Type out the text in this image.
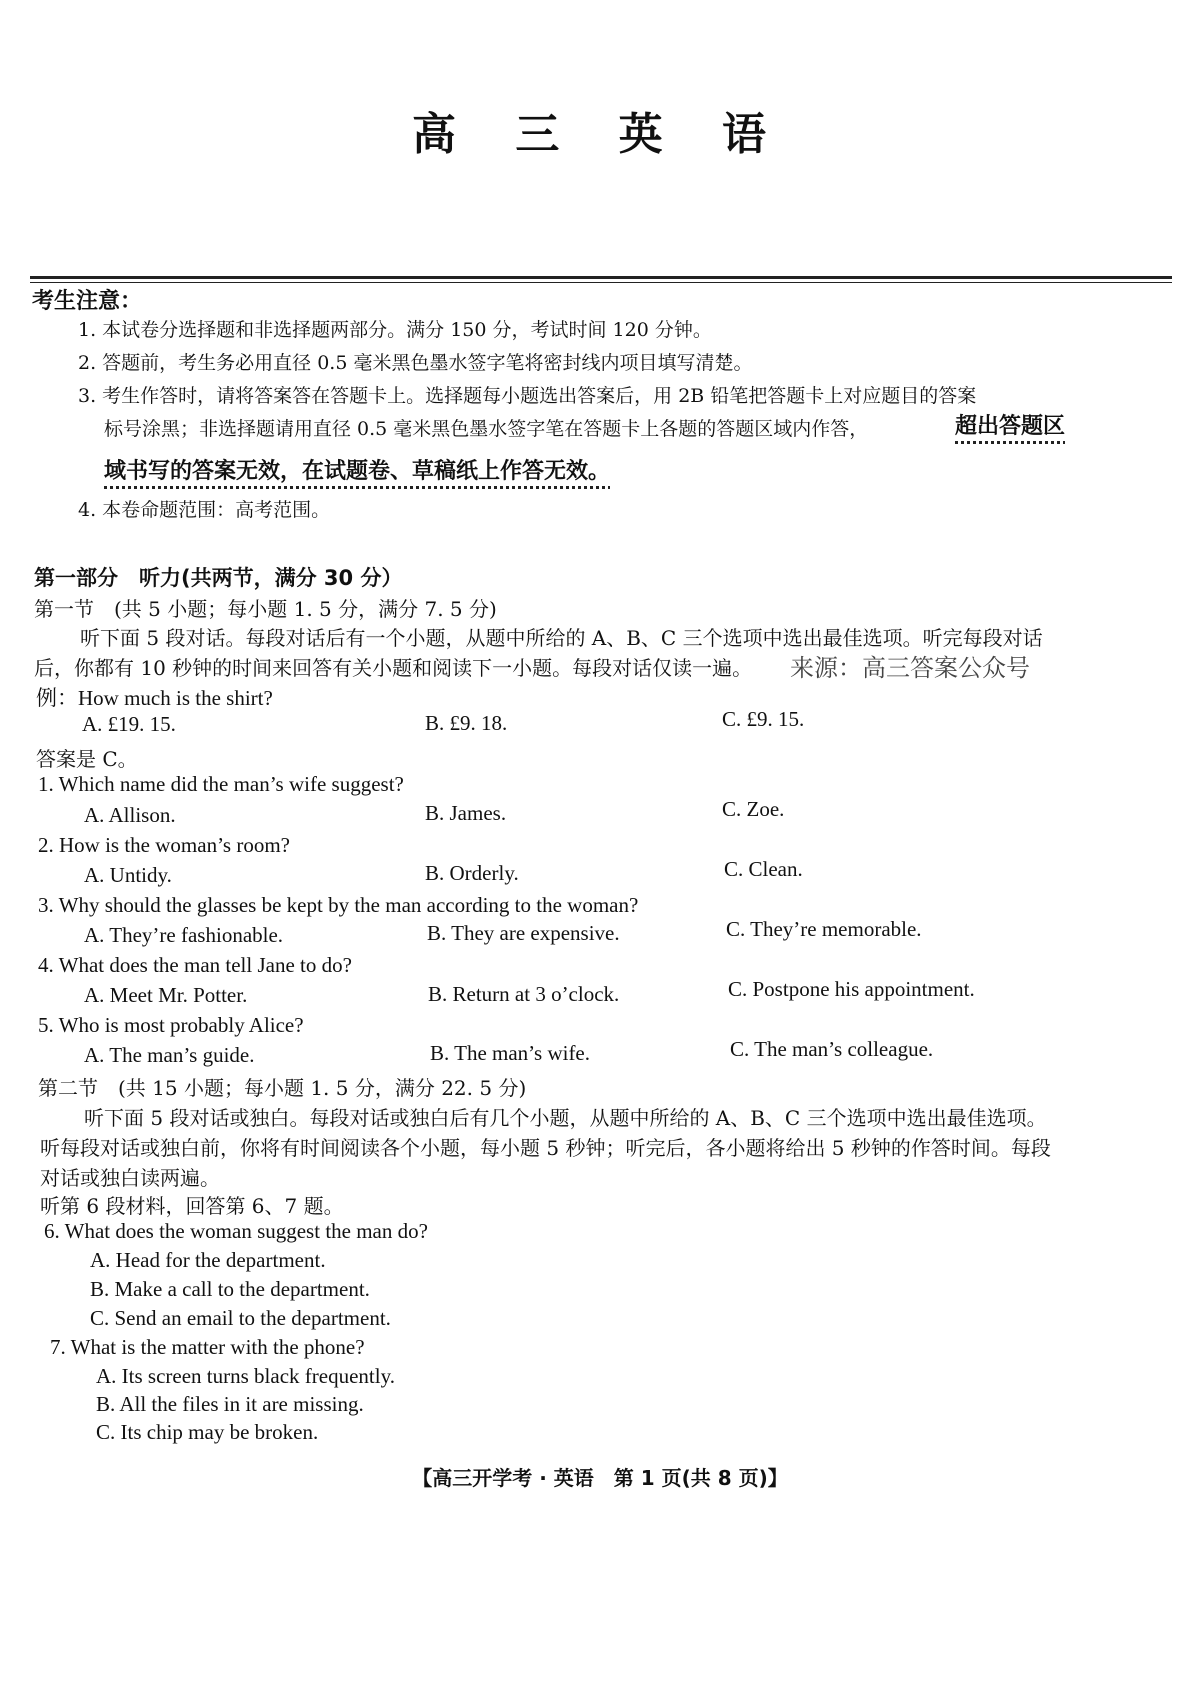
高 三 英 语
考生注意：
1. 本试卷分选择题和非选择题两部分。满分 150 分，考试时间 120 分钟。
2. 答题前，考生务必用直径 0.5 毫米黑色墨水签字笔将密封线内项目填写清楚。
3. 考生作答时，请将答案答在答题卡上。选择题每小题选出答案后，用 2B 铅笔把答题卡上对应题目的答案
标号涂黑；非选择题请用直径 0.5 毫米黑色墨水签字笔在答题卡上各题的答题区域内作答，	超出答题区
域书写的答案无效，在试题卷、草稿纸上作答无效。
4. 本卷命题范围：高考范围。
第一部分　听力(共两节，满分 30 分）
第一节　(共 5 小题；每小题 1. 5 分，满分 7. 5 分)
听下面 5 段对话。每段对话后有一个小题，从题中所给的 A、B、C 三个选项中选出最佳选项。听完每段对话
后，你都有 10 秒钟的时间来回答有关小题和阅读下一小题。每段对话仅读一遍。 来源：高三答案公众号
例：How much is the shirt?
A. £19. 15.	B. £9. 18.	C. £9. 15.
答案是 C。
1. Which name did the man’s wife suggest?
A. Allison.	B. James.	C. Zoe.
2. How is the woman’s room?
A. Untidy.	B. Orderly.	C. Clean.
3. Why should the glasses be kept by the man according to the woman?
A. They’re fashionable.	B. They are expensive.	C. They’re memorable.
4. What does the man tell Jane to do?
A. Meet Mr. Potter.	B. Return at 3 o’clock.	C. Postpone his appointment.
5. Who is most probably Alice?
A. The man’s guide.	B. The man’s wife.	C. The man’s colleague.
第二节　(共 15 小题；每小题 1. 5 分，满分 22. 5 分)
听下面 5 段对话或独白。每段对话或独白后有几个小题，从题中所给的 A、B、C 三个选项中选出最佳选项。
听每段对话或独白前，你将有时间阅读各个小题，每小题 5 秒钟；听完后，各小题将给出 5 秒钟的作答时间。每段
对话或独白读两遍。
听第 6 段材料，回答第 6、7 题。
6. What does the woman suggest the man do?
A. Head for the department.
B. Make a call to the department.
C. Send an email to the department.
7. What is the matter with the phone?
A. Its screen turns black frequently.
B. All the files in it are missing.
C. Its chip may be broken.
【高三开学考 · 英语　第 1 页(共 8 页)】
